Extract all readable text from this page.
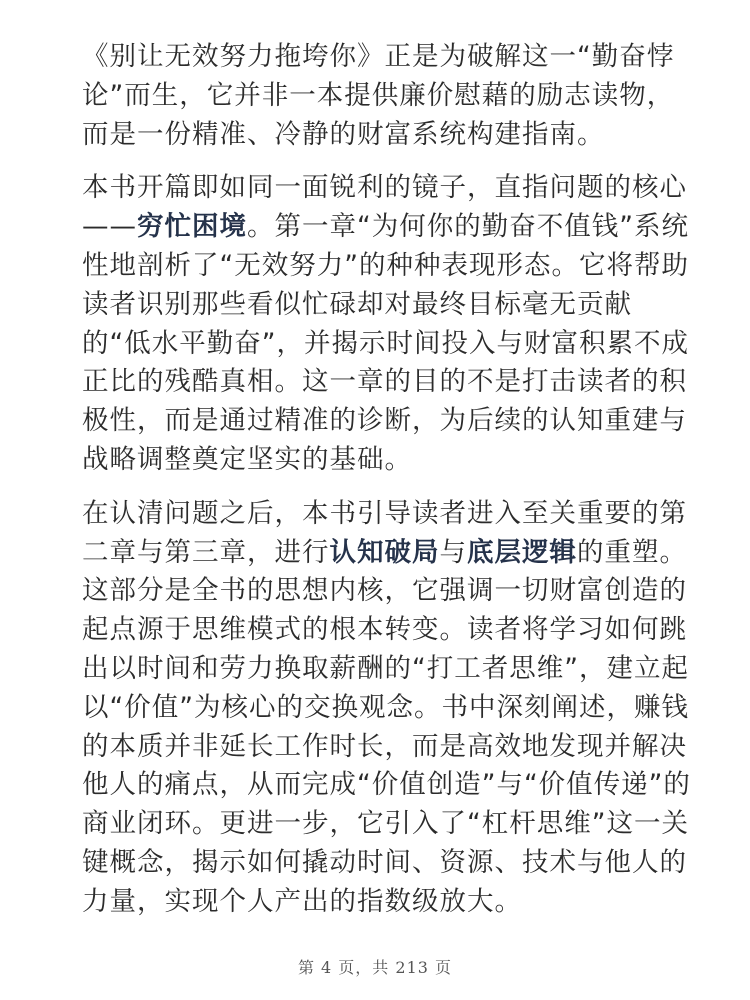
《别让无效努力拖垮你》正是为破解这一“勤奋悖论”而生，它并非一本提供廉价慰藉的励志读物，而是一份精准、冷静的财富系统构建指南。

本书开篇即如同一面锐利的镜子，直指问题的核心——穷忙困境。第一章“为何你的勤奋不值钱”系统性地剖析了“无效努力”的种种表现形态。它将帮助读者识别那些看似忙碌却对最终目标毫无贡献的“低水平勤奋”，并揭示时间投入与财富积累不成正比的残酷真相。这一章的目的不是打击读者的积极性，而是通过精准的诊断，为后续的认知重建与战略调整奠定坚实的基础。

在认清问题之后，本书引导读者进入至关重要的第二章与第三章，进行认知破局与底层逻辑的重塑。这部分是全书的思想内核，它强调一切财富创造的起点源于思维模式的根本转变。读者将学习如何跳出以时间和劳力换取薪酬的“打工者思维”，建立起以“价值”为核心的交换观念。书中深刻阐述，赚钱的本质并非延长工作时长，而是高效地发现并解决他人的痛点，从而完成“价值创造”与“价值传递”的商业闭环。更进一步，它引入了“杠杆思维”这一关键概念，揭示如何撬动时间、资源、技术与他人的力量，实现个人产出的指数级放大。

第 4 页，共 213 页
